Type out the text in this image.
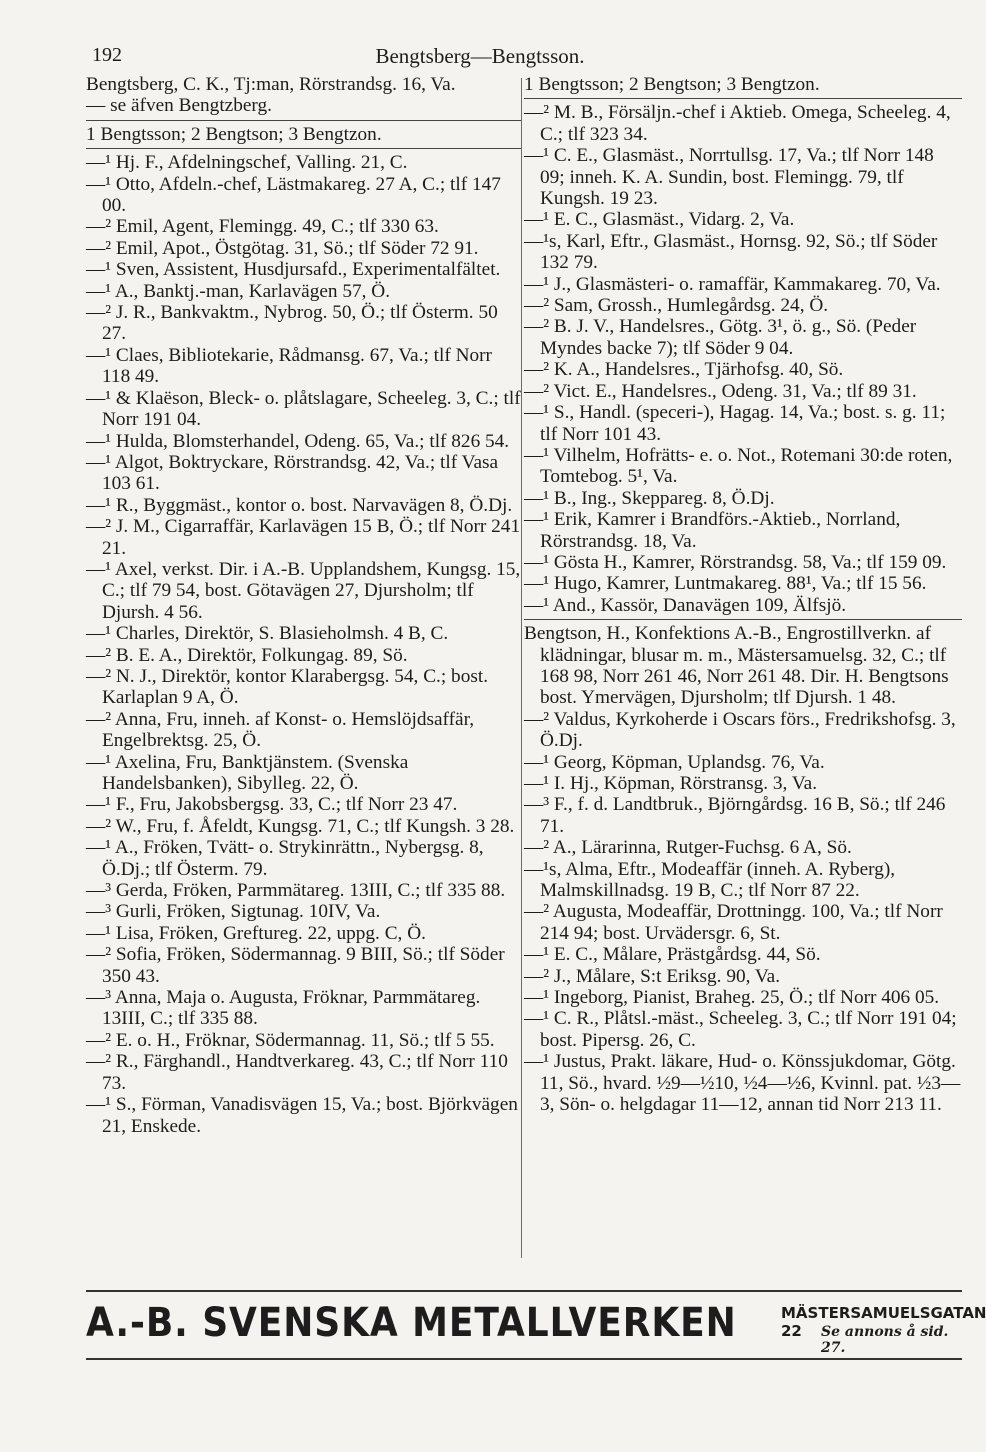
192	Bengtsberg—Bengtsson.

Bengtsberg, C. K., Tj:man, Rörstrandsg. 16, Va.

— se äfven Bengtzberg.

1 Bengtsson; 2 Bengtson; 3 Bengtzon.

—¹ Hj. F., Afdelningschef, Valling. 21, C.

—¹ Otto, Afdeln.-chef, Lästmakareg. 27 A, C.; tlf 147 00.

—² Emil, Agent, Flemingg. 49, C.; tlf 330 63.

—² Emil, Apot., Östgötag. 31, Sö.; tlf Söder 72 91.

—¹ Sven, Assistent, Husdjursafd., Experimentalfältet.

—¹ A., Banktj.-man, Karlavägen 57, Ö.

—² J. R., Bankvaktm., Nybrog. 50, Ö.; tlf Österm. 50 27.

—¹ Claes, Bibliotekarie, Rådmansg. 67, Va.; tlf Norr 118 49.

—¹ & Klaëson, Bleck- o. plåtslagare, Scheeleg. 3, C.; tlf Norr 191 04.

—¹ Hulda, Blomsterhandel, Odeng. 65, Va.; tlf 826 54.

—¹ Algot, Boktryckare, Rörstrandsg. 42, Va.; tlf Vasa 103 61.

—¹ R., Byggmäst., kontor o. bost. Narvavägen 8, Ö.Dj.

—² J. M., Cigarraffär, Karlavägen 15 B, Ö.; tlf Norr 241 21.

—¹ Axel, verkst. Dir. i A.-B. Upplandshem, Kungsg. 15, C.; tlf 79 54, bost. Götavägen 27, Djursholm; tlf Djursh. 4 56.

—¹ Charles, Direktör, S. Blasieholmsh. 4 B, C.

—² B. E. A., Direktör, Folkungag. 89, Sö.

—² N. J., Direktör, kontor Klarabergsg. 54, C.; bost. Karlaplan 9 A, Ö.

—² Anna, Fru, inneh. af Konst- o. Hemslöjdsaffär, Engelbrektsg. 25, Ö.

—¹ Axelina, Fru, Banktjänstem. (Svenska Handelsbanken), Sibylleg. 22, Ö.

—¹ F., Fru, Jakobsbergsg. 33, C.; tlf Norr 23 47.

—² W., Fru, f. Åfeldt, Kungsg. 71, C.; tlf Kungsh. 3 28.

—¹ A., Fröken, Tvätt- o. Strykinrättn., Nybergsg. 8, Ö.Dj.; tlf Österm. 79.

—³ Gerda, Fröken, Parmmätareg. 13III, C.; tlf 335 88.

—³ Gurli, Fröken, Sigtunag. 10IV, Va.

—¹ Lisa, Fröken, Greftureg. 22, uppg. C, Ö.

—² Sofia, Fröken, Södermannag. 9 BIII, Sö.; tlf Söder 350 43.

—³ Anna, Maja o. Augusta, Fröknar, Parmmätareg. 13III, C.; tlf 335 88.

—² E. o. H., Fröknar, Södermannag. 11, Sö.; tlf 5 55.

—² R., Färghandl., Handtverkareg. 43, C.; tlf Norr 110 73.

—¹ S., Förman, Vanadisvägen 15, Va.; bost. Björkvägen 21, Enskede.

1 Bengtsson; 2 Bengtson; 3 Bengtzon.

—² M. B., Försäljn.-chef i Aktieb. Omega, Scheeleg. 4, C.; tlf 323 34.

—¹ C. E., Glasmäst., Norrtullsg. 17, Va.; tlf Norr 148 09; inneh. K. A. Sundin, bost. Flemingg. 79, tlf Kungsh. 19 23.

—¹ E. C., Glasmäst., Vidarg. 2, Va.

—¹s, Karl, Eftr., Glasmäst., Hornsg. 92, Sö.; tlf Söder 132 79.

—¹ J., Glasmästeri- o. ramaffär, Kammakareg. 70, Va.

—² Sam, Grossh., Humlegårdsg. 24, Ö.

—² B. J. V., Handelsres., Götg. 3¹, ö. g., Sö. (Peder Myndes backe 7); tlf Söder 9 04.

—² K. A., Handelsres., Tjärhofsg. 40, Sö.

—² Vict. E., Handelsres., Odeng. 31, Va.; tlf 89 31.

—¹ S., Handl. (speceri-), Hagag. 14, Va.; bost. s. g. 11; tlf Norr 101 43.

—¹ Vilhelm, Hofrätts- e. o. Not., Rotemani 30:de roten, Tomtebog. 5¹, Va.

—¹ B., Ing., Skeppareg. 8, Ö.Dj.

—¹ Erik, Kamrer i Brandförs.-Aktieb., Norrland, Rörstrandsg. 18, Va.

—¹ Gösta H., Kamrer, Rörstrandsg. 58, Va.; tlf 159 09.

—¹ Hugo, Kamrer, Luntmakareg. 88¹, Va.; tlf 15 56.

—¹ And., Kassör, Danavägen 109, Älfsjö.

Bengtson, H., Konfektions A.-B., Engrostillverkn. af klädningar, blusar m. m., Mästersamuelsg. 32, C.; tlf 168 98, Norr 261 46, Norr 261 48. Dir. H. Bengtsons bost. Ymervägen, Djursholm; tlf Djursh. 1 48.

—² Valdus, Kyrkoherde i Oscars förs., Fredrikshofsg. 3, Ö.Dj.

—¹ Georg, Köpman, Uplandsg. 76, Va.

—¹ I. Hj., Köpman, Rörstransg. 3, Va.

—³ F., f. d. Landtbruk., Björngårdsg. 16 B, Sö.; tlf 246 71.

—² A., Lärarinna, Rutger-Fuchsg. 6 A, Sö.

—¹s, Alma, Eftr., Modeaffär (inneh. A. Ryberg), Malmskillnadsg. 19 B, C.; tlf Norr 87 22.

—² Augusta, Modeaffär, Drottningg. 100, Va.; tlf Norr 214 94; bost. Urvädersgr. 6, St.

—¹ E. C., Målare, Prästgårdsg. 44, Sö.

—² J., Målare, S:t Eriksg. 90, Va.

—¹ Ingeborg, Pianist, Braheg. 25, Ö.; tlf Norr 406 05.

—¹ C. R., Plåtsl.-mäst., Scheeleg. 3, C.; tlf Norr 191 04; bost. Pipersg. 26, C.

—¹ Justus, Prakt. läkare, Hud- o. Könssjukdomar, Götg. 11, Sö., hvard. ½9—½10, ½4—½6, Kvinnl. pat. ½3—3, Sön- o. helgdagar 11—12, annan tid Norr 213 11.

A.-B. SVENSKA METALLVERKEN	MÄSTERSAMUELSGATAN 22	Se annons å sid. 27.
